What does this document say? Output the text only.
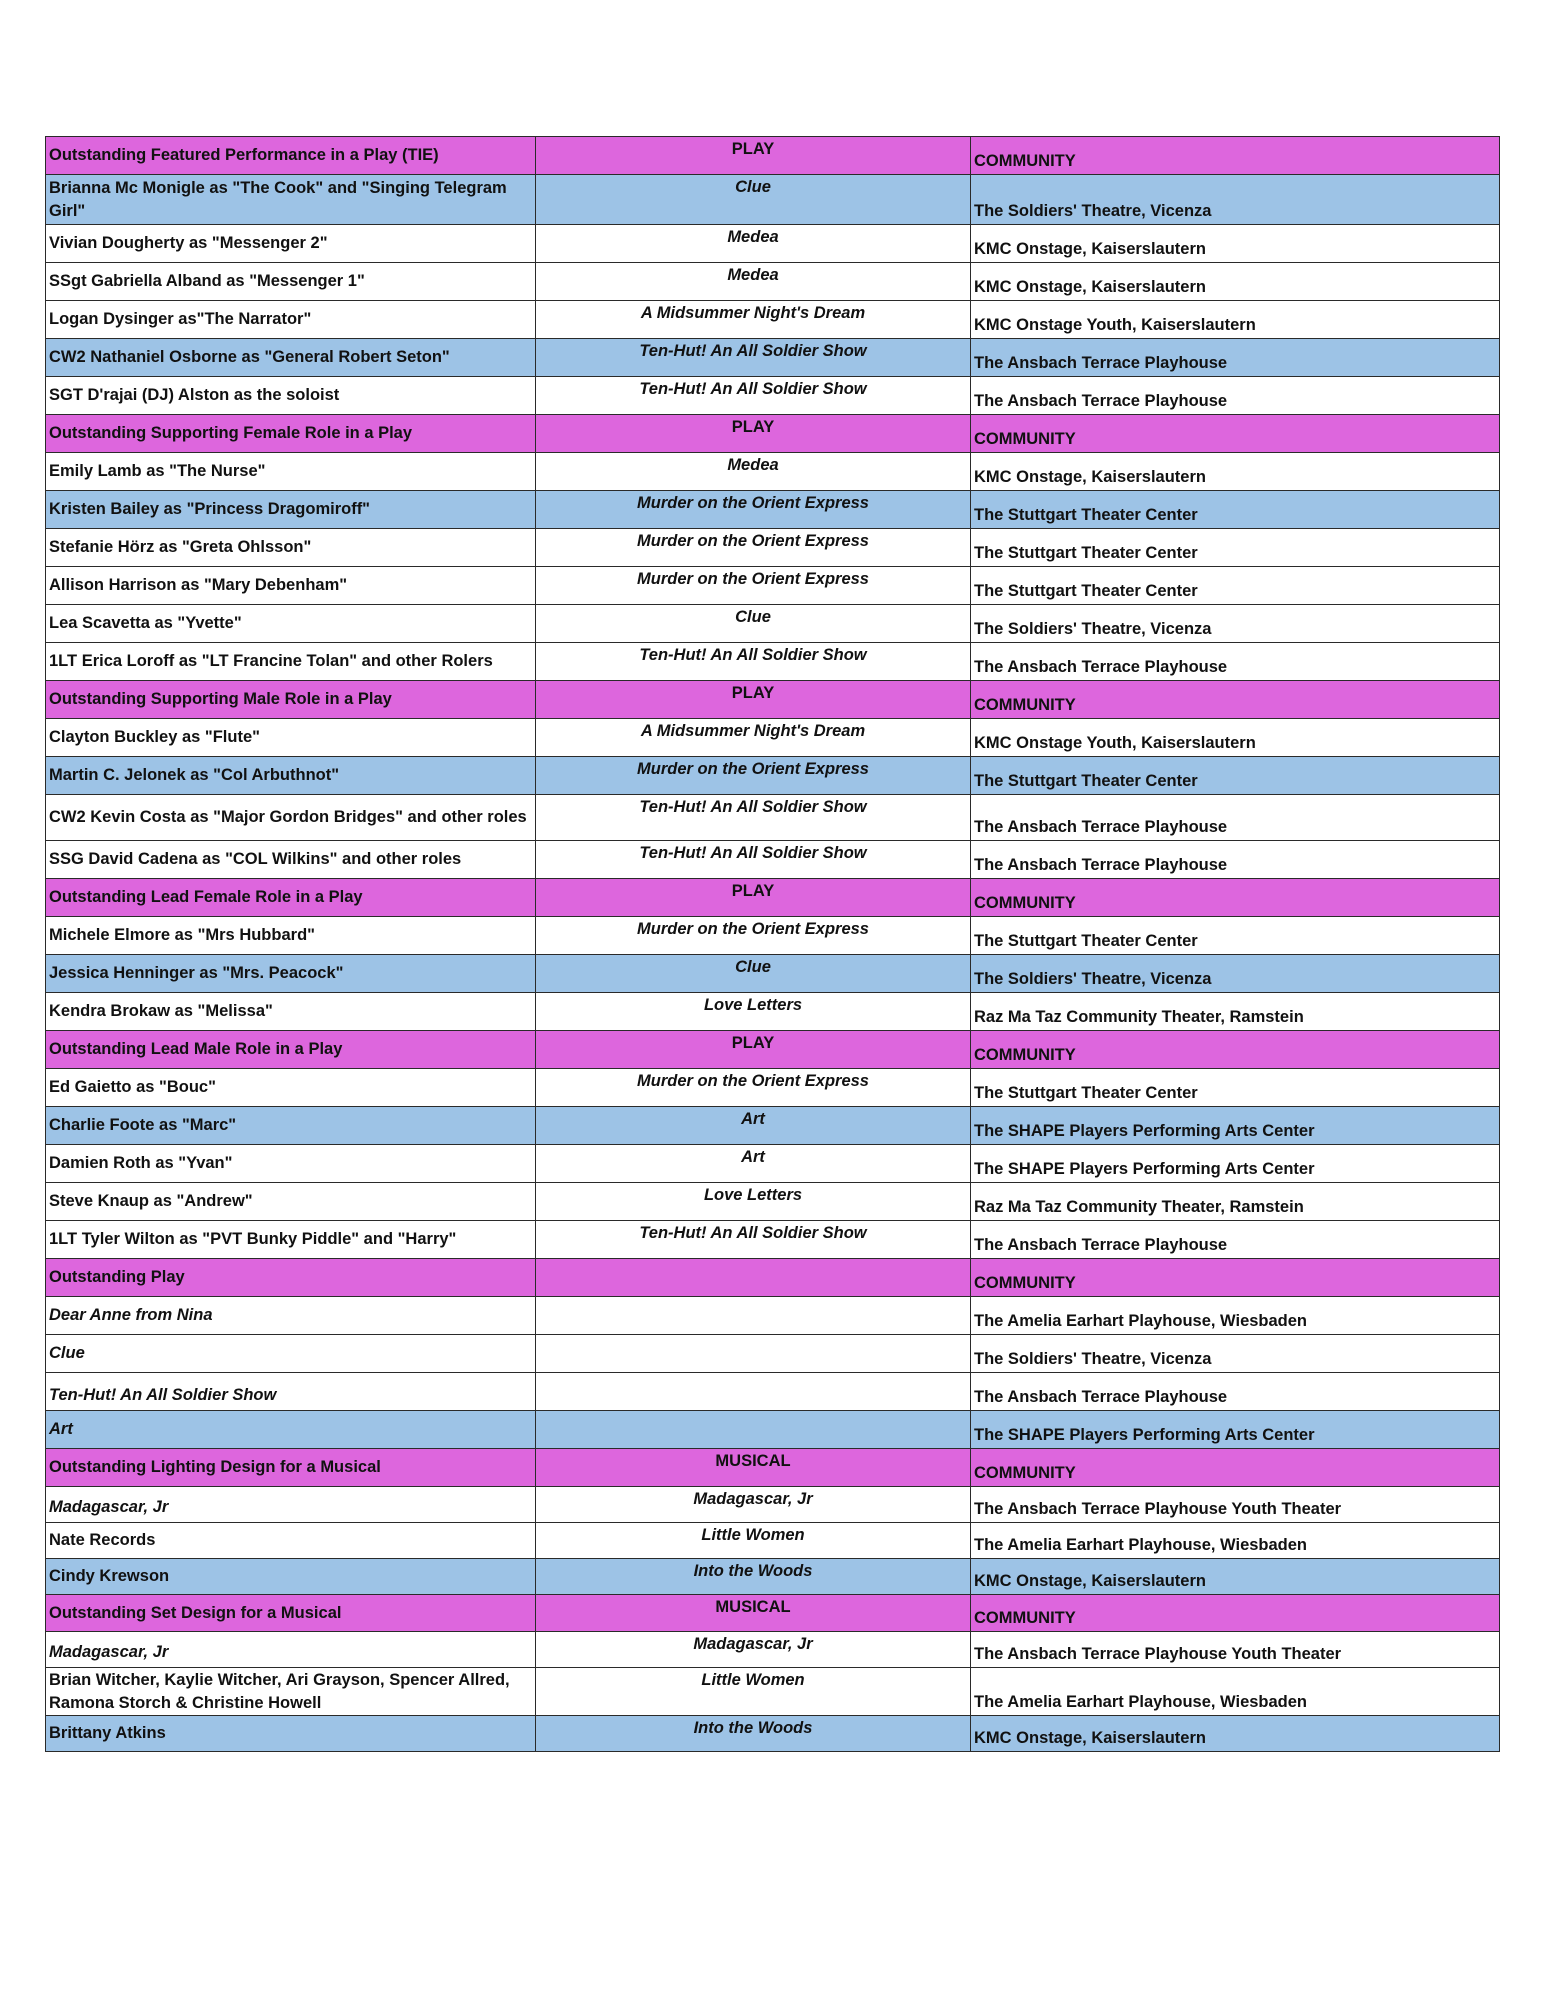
Outstanding Featured Performance in a Play (TIE)	PLAY	COMMUNITY
Brianna Mc Monigle as "The Cook" and "Singing Telegram Girl"	Clue	The Soldiers' Theatre, Vicenza
Vivian Dougherty as "Messenger 2"	Medea	KMC Onstage, Kaiserslautern
SSgt Gabriella Alband as "Messenger 1"	Medea	KMC Onstage, Kaiserslautern
Logan Dysinger as"The Narrator"	A Midsummer Night's Dream	KMC Onstage Youth, Kaiserslautern
CW2 Nathaniel Osborne as "General Robert Seton"	Ten-Hut! An All Soldier Show	The Ansbach Terrace Playhouse
SGT D'rajai (DJ) Alston as the soloist	Ten-Hut! An All Soldier Show	The Ansbach Terrace Playhouse
Outstanding Supporting Female Role in a Play	PLAY	COMMUNITY
Emily Lamb as "The Nurse"	Medea	KMC Onstage, Kaiserslautern
Kristen Bailey as "Princess Dragomiroff"	Murder on the Orient Express	The Stuttgart Theater Center
Stefanie Hörz as "Greta Ohlsson"	Murder on the Orient Express	The Stuttgart Theater Center
Allison Harrison as "Mary Debenham"	Murder on the Orient Express	The Stuttgart Theater Center
Lea Scavetta as "Yvette"	Clue	The Soldiers' Theatre, Vicenza
1LT Erica Loroff as "LT Francine Tolan" and other Rolers	Ten-Hut! An All Soldier Show	The Ansbach Terrace Playhouse
Outstanding Supporting Male Role in a Play	PLAY	COMMUNITY
Clayton Buckley as "Flute"	A Midsummer Night's Dream	KMC Onstage Youth, Kaiserslautern
Martin C. Jelonek as "Col Arbuthnot"	Murder on the Orient Express	The Stuttgart Theater Center
CW2 Kevin Costa as "Major Gordon Bridges" and other roles	Ten-Hut! An All Soldier Show	The Ansbach Terrace Playhouse
SSG David Cadena as "COL Wilkins" and other roles	Ten-Hut! An All Soldier Show	The Ansbach Terrace Playhouse
Outstanding Lead Female Role in a Play	PLAY	COMMUNITY
Michele Elmore as "Mrs Hubbard"	Murder on the Orient Express	The Stuttgart Theater Center
Jessica Henninger as "Mrs. Peacock"	Clue	The Soldiers' Theatre, Vicenza
Kendra Brokaw as "Melissa"	Love Letters	Raz Ma Taz Community Theater, Ramstein
Outstanding Lead Male Role in a Play	PLAY	COMMUNITY
Ed Gaietto as "Bouc"	Murder on the Orient Express	The Stuttgart Theater Center
Charlie Foote as "Marc"	Art	The SHAPE Players Performing Arts Center
Damien Roth as "Yvan"	Art	The SHAPE Players Performing Arts Center
Steve Knaup as "Andrew"	Love Letters	Raz Ma Taz Community Theater, Ramstein
1LT Tyler Wilton as "PVT Bunky Piddle" and "Harry"	Ten-Hut! An All Soldier Show	The Ansbach Terrace Playhouse
Outstanding Play		COMMUNITY
Dear Anne from Nina		The Amelia Earhart Playhouse, Wiesbaden
Clue		The Soldiers' Theatre, Vicenza
Ten-Hut! An All Soldier Show		The Ansbach Terrace Playhouse
Art		The SHAPE Players Performing Arts Center
Outstanding Lighting Design for a Musical	MUSICAL	COMMUNITY
Madagascar, Jr	Madagascar, Jr	The Ansbach Terrace Playhouse Youth Theater
Nate Records	Little Women	The Amelia Earhart Playhouse, Wiesbaden
Cindy Krewson	Into the Woods	KMC Onstage, Kaiserslautern
Outstanding Set Design for a Musical	MUSICAL	COMMUNITY
Madagascar, Jr	Madagascar, Jr	The Ansbach Terrace Playhouse Youth Theater
Brian Witcher, Kaylie Witcher, Ari Grayson, Spencer Allred, Ramona Storch & Christine Howell	Little Women	The Amelia Earhart Playhouse, Wiesbaden
Brittany Atkins	Into the Woods	KMC Onstage, Kaiserslautern
